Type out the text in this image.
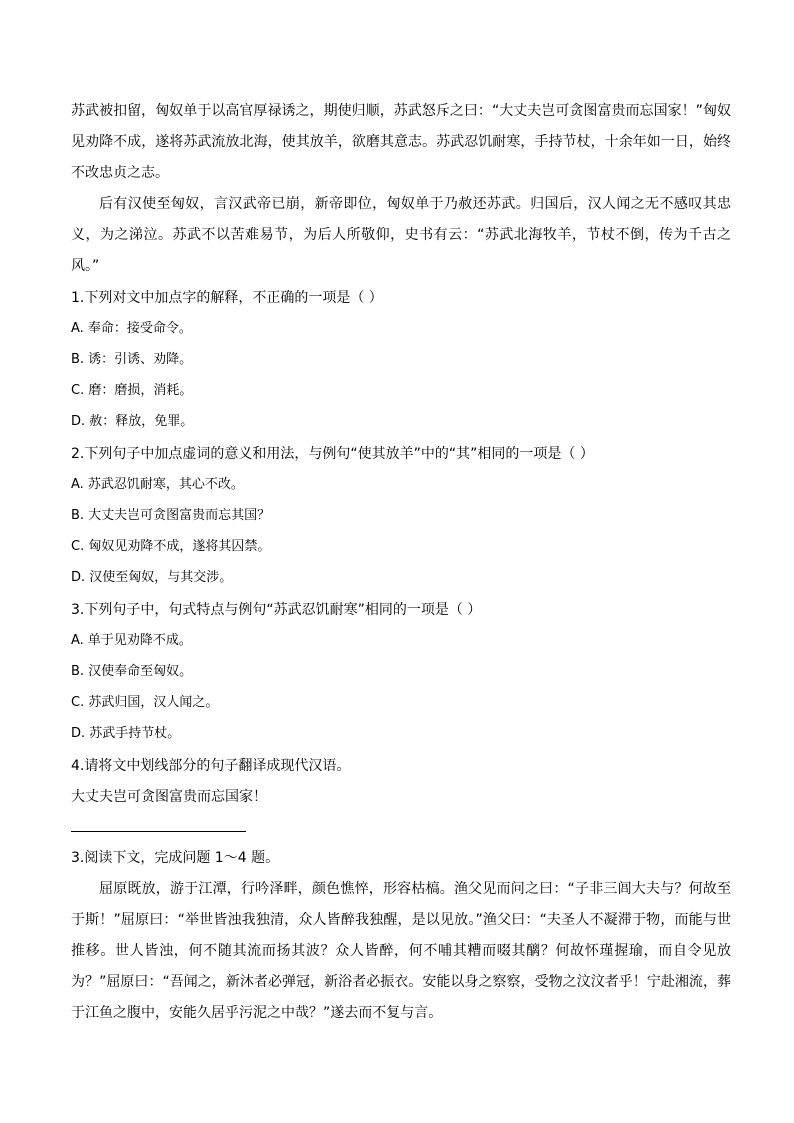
苏武被扣留，匈奴单于以高官厚禄诱之，期使归顺，苏武怒斥之曰：“大丈夫岂可贪图富贵而忘国家！”匈奴见劝降不成，遂将苏武流放北海，使其放羊，欲磨其意志。苏武忍饥耐寒，手持节杖，十余年如一日，始终不改忠贞之志。

后有汉使至匈奴，言汉武帝已崩，新帝即位，匈奴单于乃赦还苏武。归国后，汉人闻之无不感叹其忠义，为之涕泣。苏武不以苦难易节，为后人所敬仰，史书有云：“苏武北海牧羊，节杖不倒，传为千古之风。”

1.下列对文中加点字的解释，不正确的一项是（ ）

A. 奉命：接受命令。

B. 诱：引诱、劝降。

C. 磨：磨损，消耗。

D. 赦：释放，免罪。

2.下列句子中加点虚词的意义和用法，与例句“使其放羊”中的“其”相同的一项是（ ）

A. 苏武忍饥耐寒，其心不改。

B. 大丈夫岂可贪图富贵而忘其国？

C. 匈奴见劝降不成，遂将其囚禁。

D. 汉使至匈奴，与其交涉。

3.下列句子中，句式特点与例句“苏武忍饥耐寒”相同的一项是（ ）

A. 单于见劝降不成。

B. 汉使奉命至匈奴。

C. 苏武归国，汉人闻之。

D. 苏武手持节杖。

4.请将文中划线部分的句子翻译成现代汉语。

大丈夫岂可贪图富贵而忘国家！

3.阅读下文，完成问题 1～4 题。

屈原既放，游于江潭，行吟泽畔，颜色憔悴，形容枯槁。渔父见而问之曰：“子非三闾大夫与？何故至于斯！”屈原曰：“举世皆浊我独清，众人皆醉我独醒，是以见放。”渔父曰：“夫圣人不凝滞于物，而能与世推移。世人皆浊，何不随其流而扬其波？众人皆醉，何不哺其糟而啜其醨？何故怀瑾握瑜，而自令见放为？”屈原曰：“吾闻之，新沐者必弹冠，新浴者必振衣。安能以身之察察，受物之汶汶者乎！宁赴湘流，葬于江鱼之腹中，安能久居乎污泥之中哉？”遂去而不复与言。
